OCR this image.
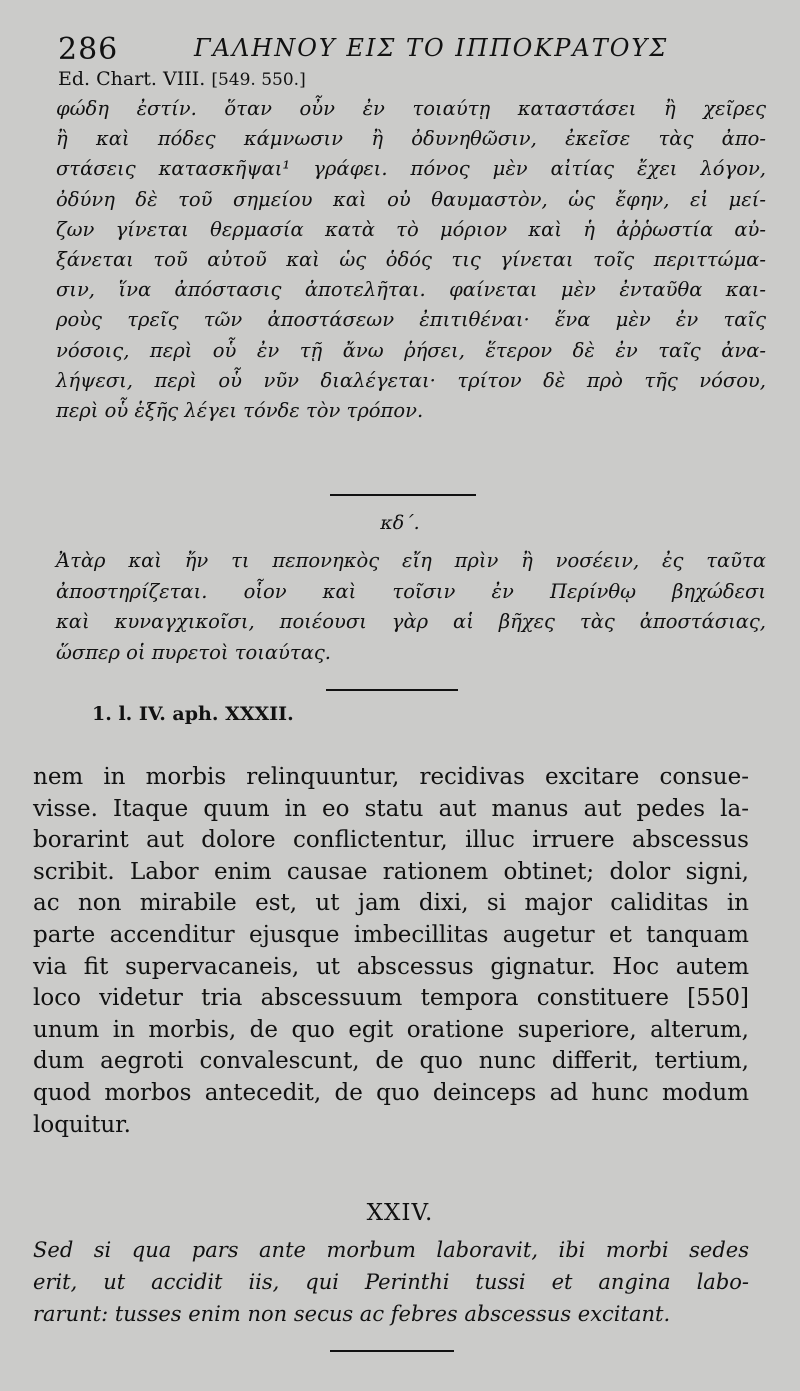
286	ΓΑΛΗΝΟΥ ΕΙΣ ΤΟ ΙΠΠΟΚΡΑΤΟΥΣ
Ed. Chart. VIII. [549. 550.]
φώδη ἐστίν. ὅταν οὖν ἐν τοιαύτῃ καταστάσει ἢ χεῖρες
ἢ καὶ πόδες κάμνωσιν ἢ ὀδυνηθῶσιν, ἐκεῖσε τὰς ἀπο-
στάσεις κατασκῆψαι¹ γράφει. πόνος μὲν αἰτίας ἔχει λόγον,
ὀδύνη δὲ τοῦ σημείου καὶ οὐ θαυμαστὸν, ὡς ἔφην, εἰ μεί-
ζων γίνεται θερμασία κατὰ τὸ μόριον καὶ ἡ ἀῤῥωστία αὐ-
ξάνεται τοῦ αὐτοῦ καὶ ὡς ὁδός τις γίνεται τοῖς περιττώμα-
σιν, ἵνα ἀπόστασις ἀποτελῆται. φαίνεται μὲν ἐνταῦθα και-
ροὺς τρεῖς τῶν ἀποστάσεων ἐπιτιθέναι· ἕνα μὲν ἐν ταῖς
νόσοις, περὶ οὗ ἐν τῇ ἄνω ῥήσει, ἕτερον δὲ ἐν ταῖς ἀνα-
λήψεσι, περὶ οὗ νῦν διαλέγεται· τρίτον δὲ πρὸ τῆς νόσου,
περὶ οὗ ἑξῆς λέγει τόνδε τὸν τρόπον.
κδ΄.
Ἀτὰρ καὶ ἤν τι πεπονηκὸς εἴη πρὶν ἢ νοσέειν, ἐς ταῦτα
ἀποστηρίζεται. οἷον καὶ τοῖσιν ἐν Περίνθῳ βηχώδεσι
καὶ κυναγχικοῖσι, ποιέουσι γὰρ αἱ βῆχες τὰς ἀποστάσιας,
ὥσπερ οἱ πυρετοὶ τοιαύτας.
1. l. IV. aph. XXXII.
nem in morbis relinquuntur, recidivas excitare consue-
visse. Itaque quum in eo statu aut manus aut pedes la-
borarint aut dolore conflictentur, illuc irruere abscessus
scribit. Labor enim causae rationem obtinet; dolor signi,
ac non mirabile est, ut jam dixi, si major caliditas in
parte accenditur ejusque imbecillitas augetur et tanquam
via fit supervacaneis, ut abscessus gignatur. Hoc autem
loco videtur tria abscessuum tempora constituere [550]
unum in morbis, de quo egit oratione superiore, alterum,
dum aegroti convalescunt, de quo nunc differit, tertium,
quod morbos antecedit, de quo deinceps ad hunc modum
loquitur.
XXIV.
Sed si qua pars ante morbum laboravit, ibi morbi sedes
erit, ut accidit iis, qui Perinthi tussi et angina labo-
rarunt: tusses enim non secus ac febres abscessus excitant.
